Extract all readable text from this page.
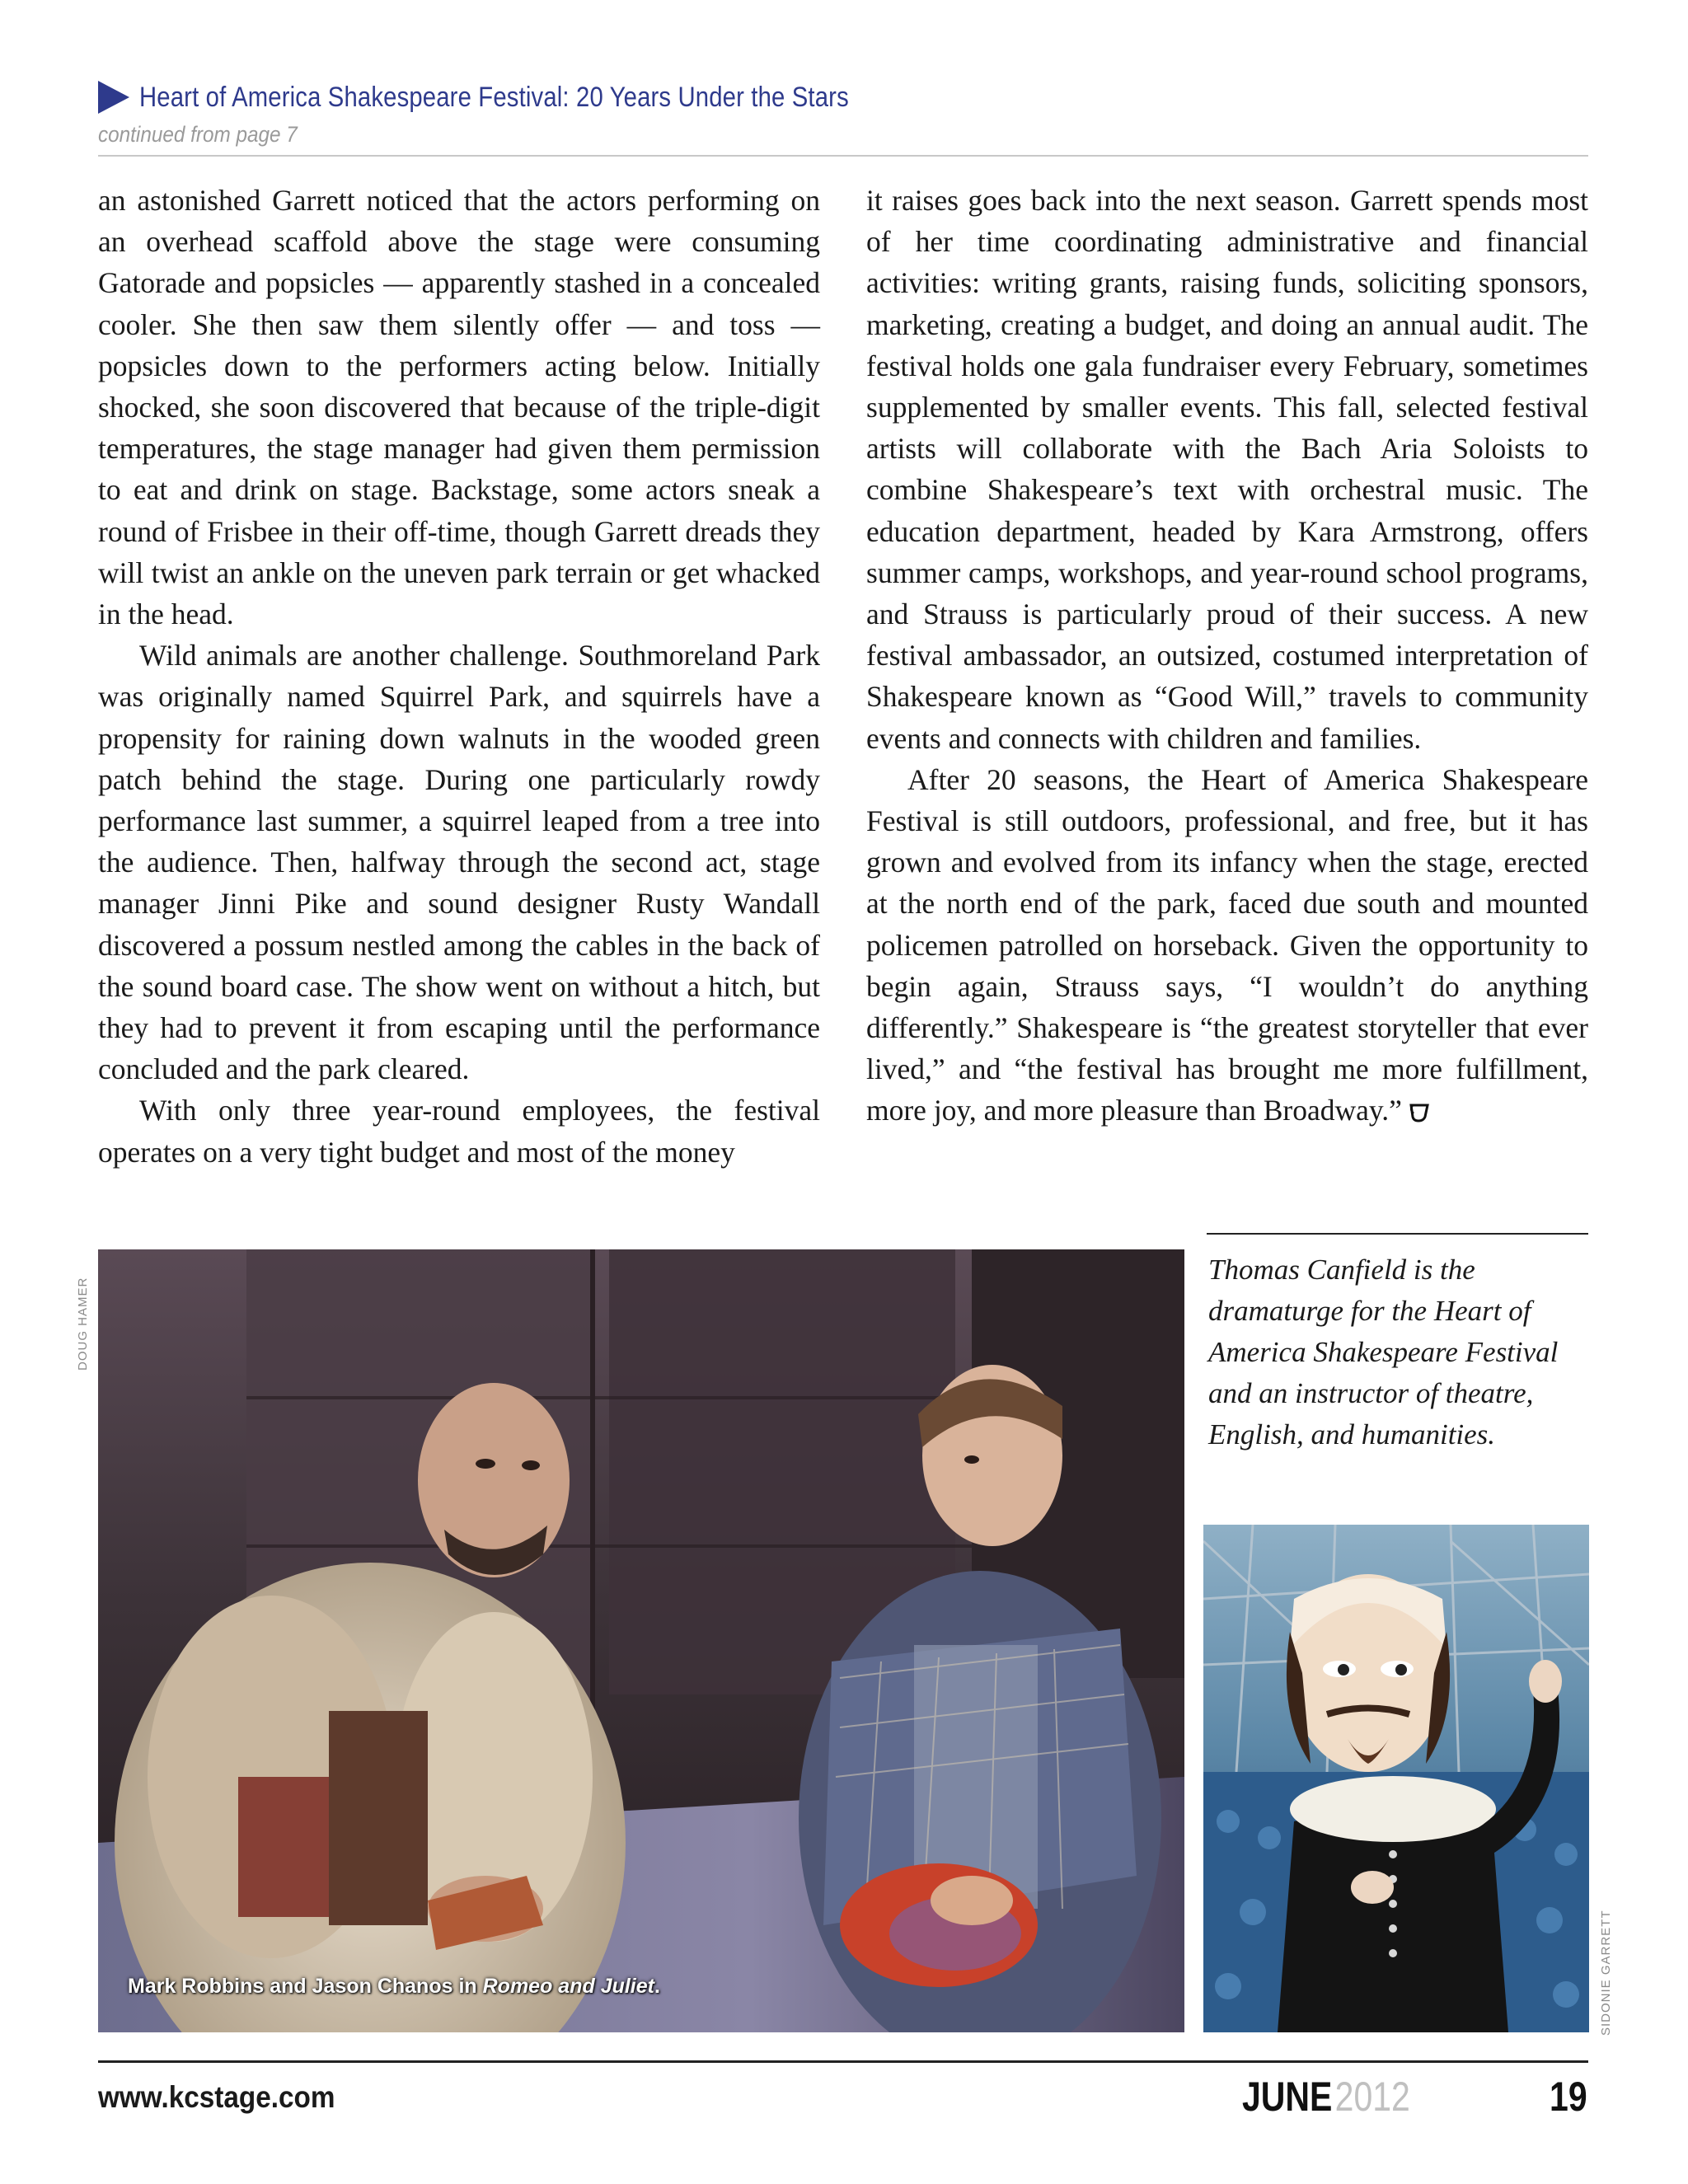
Heart of America Shakespeare Festival: 20 Years Under the Stars
continued from page 7

an astonished Garrett noticed that the actors performing on an overhead scaffold above the stage were consuming Gatorade and popsicles — apparently stashed in a concealed cooler. She then saw them silently offer — and toss — popsicles down to the performers acting below. Initially shocked, she soon discovered that because of the triple-digit temperatures, the stage manager had given them permission to eat and drink on stage. Backstage, some actors sneak a round of Frisbee in their off-time, though Garrett dreads they will twist an ankle on the uneven park terrain or get whacked in the head.

Wild animals are another challenge. Southmoreland Park was originally named Squirrel Park, and squirrels have a propensity for raining down walnuts in the wooded green patch behind the stage. During one particularly rowdy performance last summer, a squirrel leaped from a tree into the audience. Then, halfway through the second act, stage manager Jinni Pike and sound designer Rusty Wandall discovered a possum nestled among the cables in the back of the sound board case. The show went on without a hitch, but they had to prevent it from escaping until the performance concluded and the park cleared.

With only three year-round employees, the festival operates on a very tight budget and most of the money

it raises goes back into the next season. Garrett spends most of her time coordinating administrative and financial activities: writing grants, raising funds, soliciting sponsors, marketing, creating a budget, and doing an annual audit. The festival holds one gala fundraiser every February, sometimes supplemented by smaller events. This fall, selected festival artists will collaborate with the Bach Aria Soloists to combine Shakespeare’s text with orchestral music. The education department, headed by Kara Armstrong, offers summer camps, workshops, and year-round school programs, and Strauss is particularly proud of their success. A new festival ambassador, an outsized, costumed interpretation of Shakespeare known as “Good Will,” travels to community events and connects with children and families.

After 20 seasons, the Heart of America Shakespeare Festival is still outdoors, professional, and free, but it has grown and evolved from its infancy when the stage, erected at the north end of the park, faced due south and mounted policemen patrolled on horseback. Given the opportunity to begin again, Strauss says, “I wouldn’t do anything differently.” Shakespeare is “the greatest storyteller that ever lived,” and “the festival has brought me more fulfillment, more joy, and more pleasure than Broadway.”

Thomas Canfield is the dramaturge for the Heart of America Shakespeare Festival and an instructor of theatre, English, and humanities.
DOUG HAMER
SIDONIE GARRETT
Mark Robbins and Jason Chanos in Romeo and Juliet.
www.kcstage.com	JUNE2012	19
